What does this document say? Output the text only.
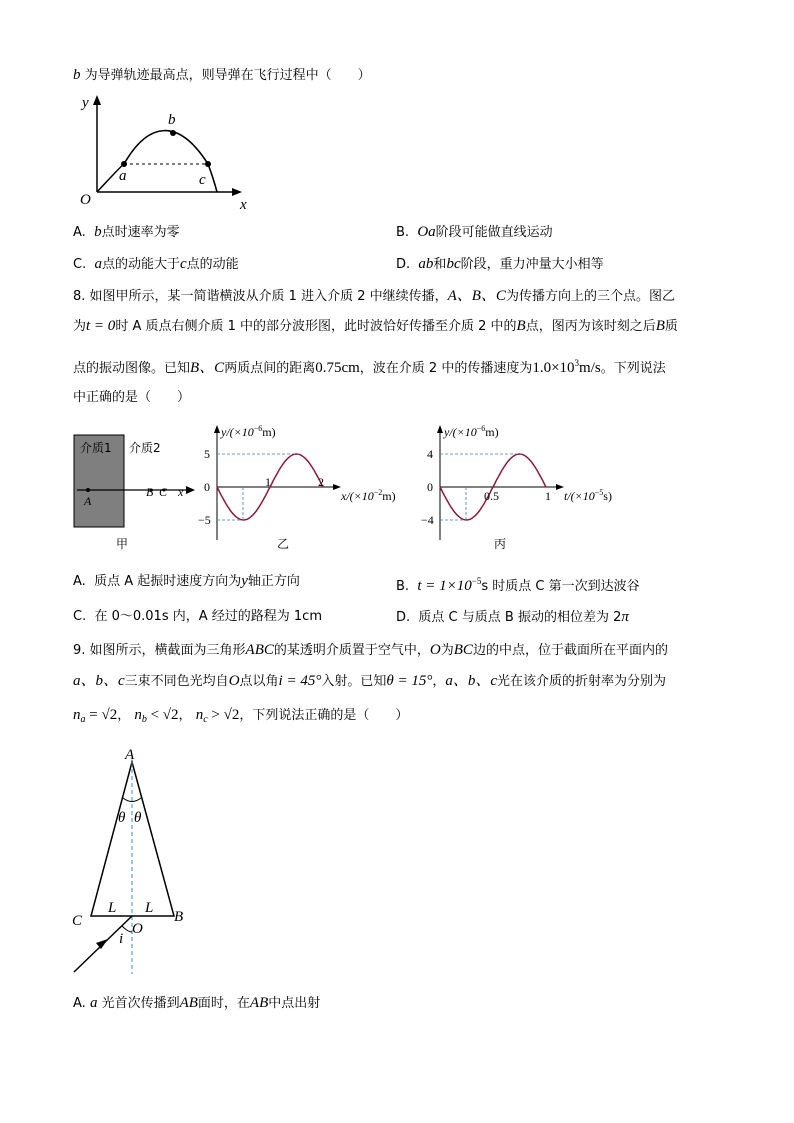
b 为导弹轨迹最高点，则导弹在飞行过程中（　　）
y
x
O
a
b
c
A. b点时速率为零	B. Oa阶段可能做直线运动
C. a点的动能大于c点的动能	D. ab和bc阶段，重力冲量大小相等
8. 如图甲所示，某一简谐横波从介质 1 进入介质 2 中继续传播，A、B、C为传播方向上的三个点。图乙
为t = 0时 A 质点右侧介质 1 中的部分波形图，此时波恰好传播至介质 2 中的B点，图丙为该时刻之后B质
点的振动图像。已知B、C两质点间的距离0.75cm，波在介质 2 中的传播速度为$1.0\times 10^3m/s$。下列说法
中正确的是（　　）
介质1 介质2
A
B C x
甲
$y/(\times 10^{-6}m)$
5
0
−5
1	2
$x/(\times 10^{-2}m)$
乙
$y/(\times 10^{-6}m)$
4
0
−4
0.5	1 $t/(\times 10^{-5}s)$
丙
A. 质点 A 起振时速度方向为y轴正方向	B. $t = 1\times 10^{-5}s$ 时质点 C 第一次到达波谷
C. 在 0～0.01s 内，A 经过的路程为 1cm	D. 质点 C 与质点 B 振动的相位差为 2π
9. 如图所示，横截面为三角形ABC的某透明介质置于空气中，O为BC边的中点，位于截面所在平面内的
a、b、c三束不同色光均自O点以角i = 45°入射。已知θ = 15°，a、b、c光在该介质的折射率为分别为
$n_a = √2$， $n_b < √2$， $n_c > √2$，下列说法正确的是（　　）
A
C	B
O
L L
θ θ
i
A. a 光首次传播到AB面时，在AB中点出射
